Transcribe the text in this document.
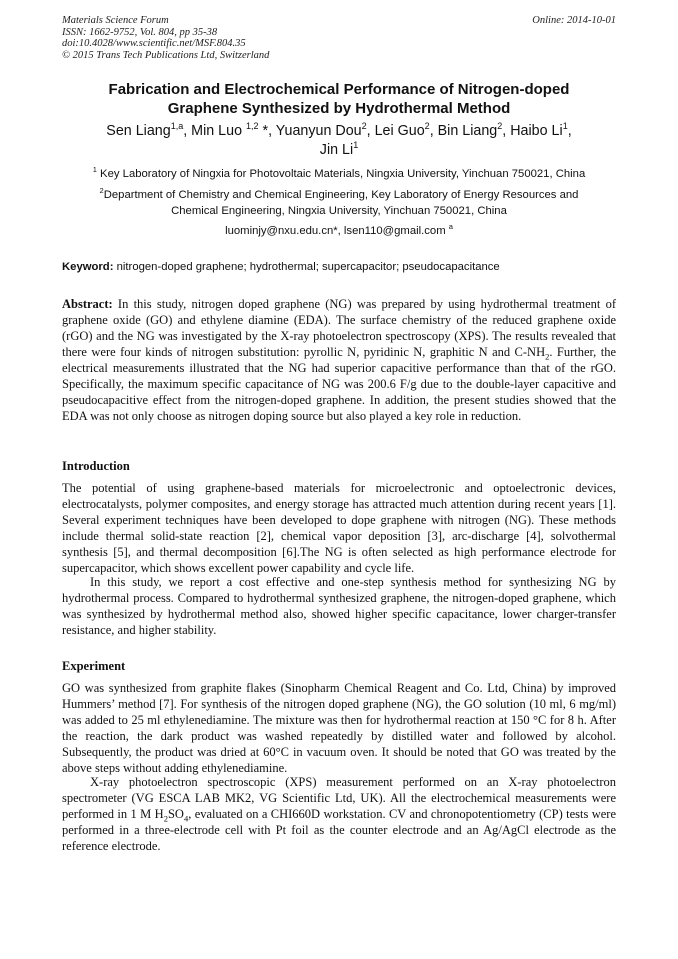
Materials Science Forum
ISSN: 1662-9752, Vol. 804, pp 35-38
doi:10.4028/www.scientific.net/MSF.804.35
© 2015 Trans Tech Publications Ltd, Switzerland
Online: 2014-10-01
Fabrication and Electrochemical Performance of Nitrogen-doped
Graphene Synthesized by Hydrothermal Method
Sen Liang$^{1,a}$, Min Luo $^{1,2}$ *, Yuanyun Dou$^2$, Lei Guo$^2$, Bin Liang$^2$, Haibo Li$^1$,
Jin Li$^1$
$^1$ Key Laboratory of Ningxia for Photovoltaic Materials, Ningxia University, Yinchuan 750021, China
$^2$Department of Chemistry and Chemical Engineering, Key Laboratory of Energy Resources and
Chemical Engineering, Ningxia University, Yinchuan 750021, China
luominjy@nxu.edu.cn*, lsen110@gmail.com $^a$
Keyword: nitrogen-doped graphene; hydrothermal; supercapacitor; pseudocapacitance
Abstract: In this study, nitrogen doped graphene (NG) was prepared by using hydrothermal treatment of graphene oxide (GO) and ethylene diamine (EDA). The surface chemistry of the reduced graphene oxide (rGO) and the NG was investigated by the X-ray photoelectron spectroscopy (XPS). The results revealed that there were four kinds of nitrogen substitution: pyrollic N, pyridinic N, graphitic N and $C-NH_2$. Further, the electrical measurements illustrated that the NG had superior capacitive performance than that of the rGO. Specifically, the maximum specific capacitance of NG was 200.6 F/g due to the double-layer capacitive and pseudocapacitive effect from the nitrogen-doped graphene. In addition, the present studies showed that the EDA was not only choose as nitrogen doping source but also played a key role in reduction.
Introduction
The potential of using graphene-based materials for microelectronic and optoelectronic devices, electrocatalysts, polymer composites, and energy storage has attracted much attention during recent years [1]. Several experiment techniques have been developed to dope graphene with nitrogen (NG). These methods include thermal solid-state reaction [2], chemical vapor deposition [3], arc-discharge [4], solvothermal synthesis [5], and thermal decomposition [6].The NG is often selected as high performance electrode for supercapacitor, which shows excellent power capability and cycle life.
In this study, we report a cost effective and one-step synthesis method for synthesizing NG by hydrothermal process. Compared to hydrothermal synthesized graphene, the nitrogen-doped graphene, which was synthesized by hydrothermal method also, showed higher specific capacitance, lower charger-transfer resistance, and higher stability.
Experiment
GO was synthesized from graphite flakes (Sinopharm Chemical Reagent and Co. Ltd, China) by improved Hummers’ method [7]. For synthesis of the nitrogen doped graphene (NG), the GO solution (10 ml, 6 mg/ml) was added to 25 ml ethylenediamine. The mixture was then for hydrothermal reaction at 150 °C for 8 h. After the reaction, the dark product was washed repeatedly by distilled water and followed by alcohol. Subsequently, the product was dried at 60°C in vacuum oven. It should be noted that GO was treated by the above steps without adding ethylenediamine.
X-ray photoelectron spectroscopic (XPS) measurement performed on an X-ray photoelectron spectrometer (VG ESCA LAB MK2, VG Scientific Ltd, UK). All the electrochemical measurements were performed in 1 M $H_2SO_4$, evaluated on a CHI660D workstation. CV and chronopotentiometry (CP) tests were performed in a three-electrode cell with Pt foil as the counter electrode and an Ag/AgCl electrode as the reference electrode.
